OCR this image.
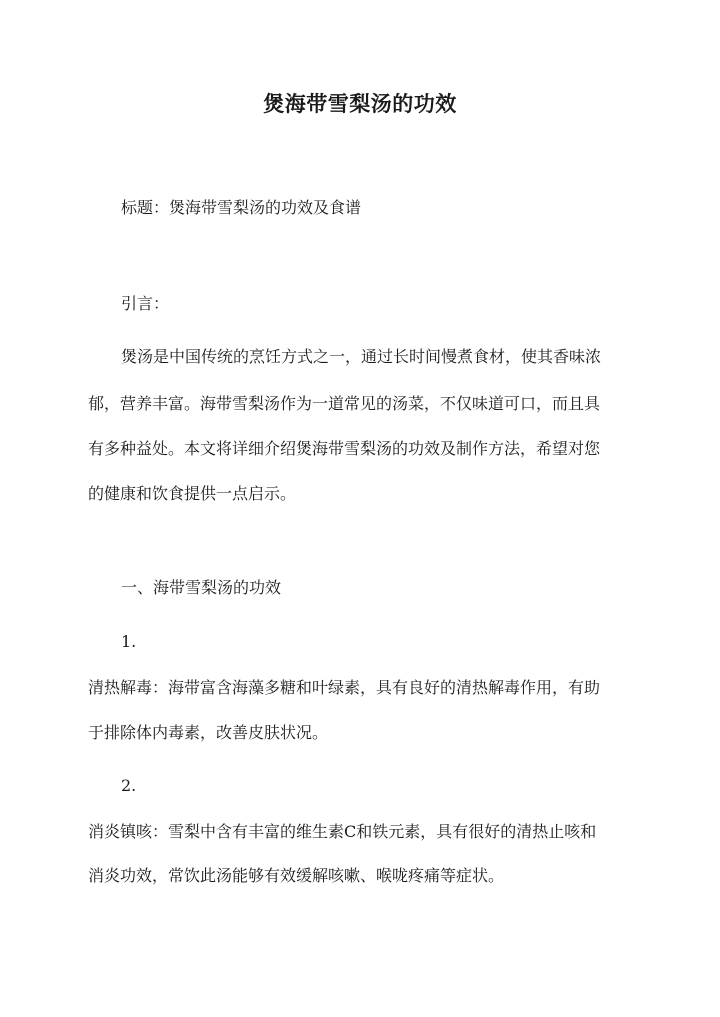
煲海带雪梨汤的功效
标题：煲海带雪梨汤的功效及食谱
引言：
煲汤是中国传统的烹饪方式之一，通过长时间慢煮食材，使其香味浓
郁，营养丰富。海带雪梨汤作为一道常见的汤菜，不仅味道可口，而且具
有多种益处。本文将详细介绍煲海带雪梨汤的功效及制作方法，希望对您
的健康和饮食提供一点启示。
一、海带雪梨汤的功效
1.
清热解毒：海带富含海藻多糖和叶绿素，具有良好的清热解毒作用，有助
于排除体内毒素，改善皮肤状况。
2.
消炎镇咳：雪梨中含有丰富的维生素C和铁元素，具有很好的清热止咳和
消炎功效，常饮此汤能够有效缓解咳嗽、喉咙疼痛等症状。
